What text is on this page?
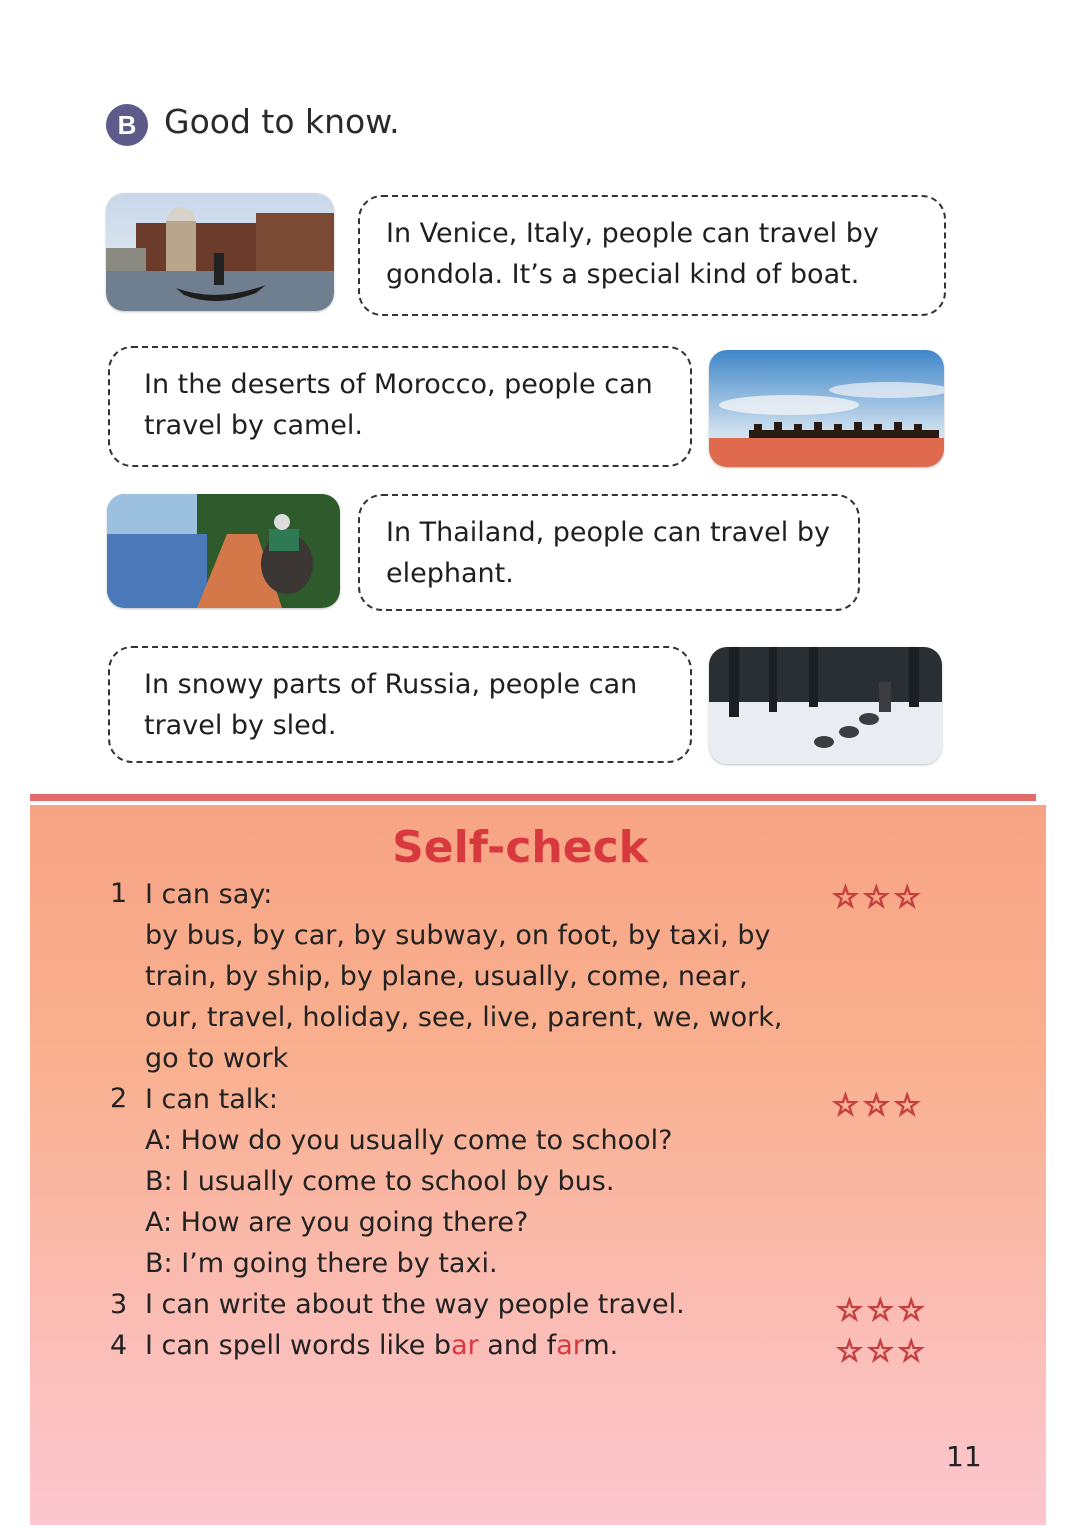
B Good to know.
In Venice, Italy, people can travel by
gondola. It’s a special kind of boat.
In the deserts of Morocco, people can
travel by camel.
In Thailand, people can travel by
elephant.
In snowy parts of Russia, people can
travel by sled.
Self-check
1 I can say:
by bus, by car, by subway, on foot, by taxi, by
train, by ship, by plane, usually, come, near,
our, travel, holiday, see, live, parent, we, work,
go to work
☆☆☆
2 I can talk:
A: How do you usually come to school?
B: I usually come to school by bus.
A: How are you going there?
B: I’m going there by taxi.
☆☆☆
3 I can write about the way people travel.	☆☆☆
4 I can spell words like bar and farm.	☆☆☆
11
